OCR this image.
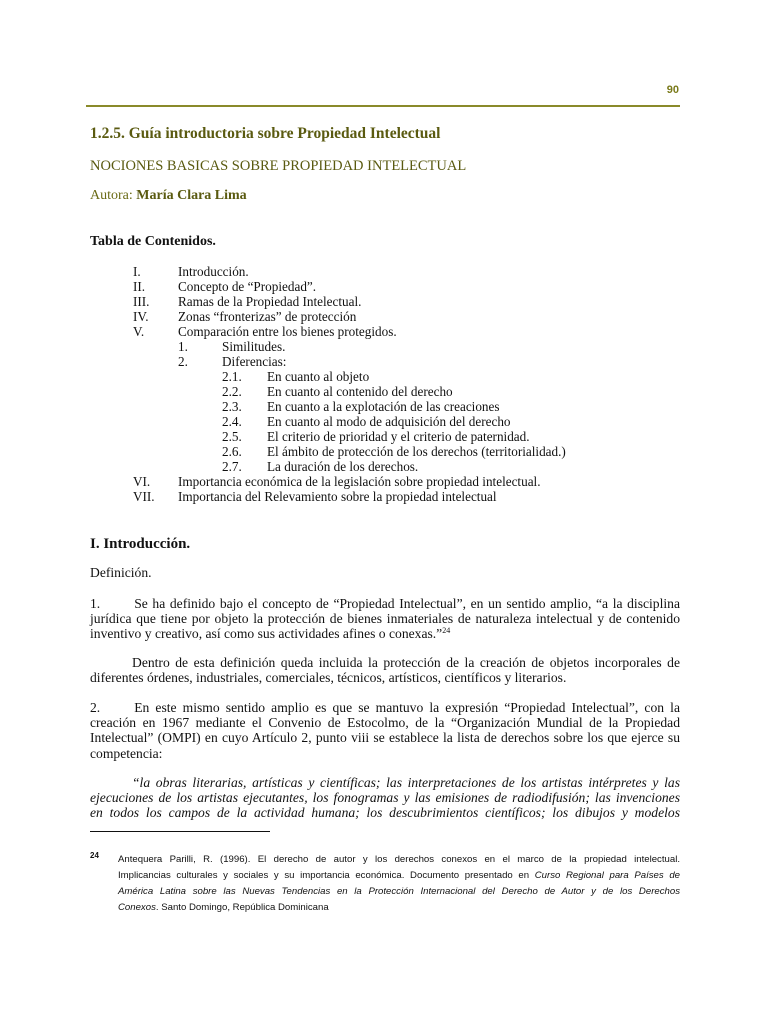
90
1.2.5. Guía introductoria sobre Propiedad Intelectual
NOCIONES BASICAS SOBRE PROPIEDAD INTELECTUAL
Autora: María Clara Lima
Tabla de Contenidos.
I.	Introducción.
II. Concepto de “Propiedad”.
III. Ramas de la Propiedad Intelectual.
IV. Zonas “fronterizas” de protección
V.	Comparación entre los bienes protegidos.
1.	Similitudes.
2.	Diferencias:
2.1. En cuanto al objeto
2.2. En cuanto al contenido del derecho
2.3. En cuanto a la explotación de las creaciones
2.4. En cuanto al modo de adquisición del derecho
2.5. El criterio de prioridad y el criterio de paternidad.
2.6. El ámbito de protección de los derechos (territorialidad.)
2.7. La duración de los derechos.
VI. Importancia económica de la legislación sobre propiedad intelectual.
VII. Importancia del Relevamiento sobre la propiedad intelectual
I. Introducción.
Definición.
1.	Se ha definido bajo el concepto de “Propiedad Intelectual”, en un sentido amplio, “a la disciplina
jurídica que tiene por objeto la protección de bienes inmateriales de naturaleza intelectual y de contenido
inventivo y creativo, así como sus actividades afines o conexas.”$^{24}$
Dentro de esta definición queda incluida la protección de la creación de objetos incorporales de
diferentes órdenes, industriales, comerciales, técnicos, artísticos, científicos y literarios.
2.	En este mismo sentido amplio es que se mantuvo la expresión “Propiedad Intelectual”, con la
creación en 1967 mediante el Convenio de Estocolmo, de la “Organización Mundial de la Propiedad
Intelectual” (OMPI) en cuyo Artículo 2, punto viii se establece la lista de derechos sobre los que ejerce su
competencia:
“la obras literarias, artísticas y científicas; las interpretaciones de los artistas intérpretes y las
ejecuciones de los artistas ejecutantes, los fonogramas y las emisiones de radiodifusión; las invenciones
en todos los campos de la actividad humana; los descubrimientos científicos; los dibujos y modelos
24 Antequera Parilli, R. (1996). El derecho de autor y los derechos conexos en el marco de la propiedad intelectual.
Implicancias culturales y sociales y su importancia económica. Documento presentado en Curso Regional para Países de
América Latina sobre las Nuevas Tendencias en la Protección Internacional del Derecho de Autor y de los Derechos
Conexos. Santo Domingo, República Dominicana
